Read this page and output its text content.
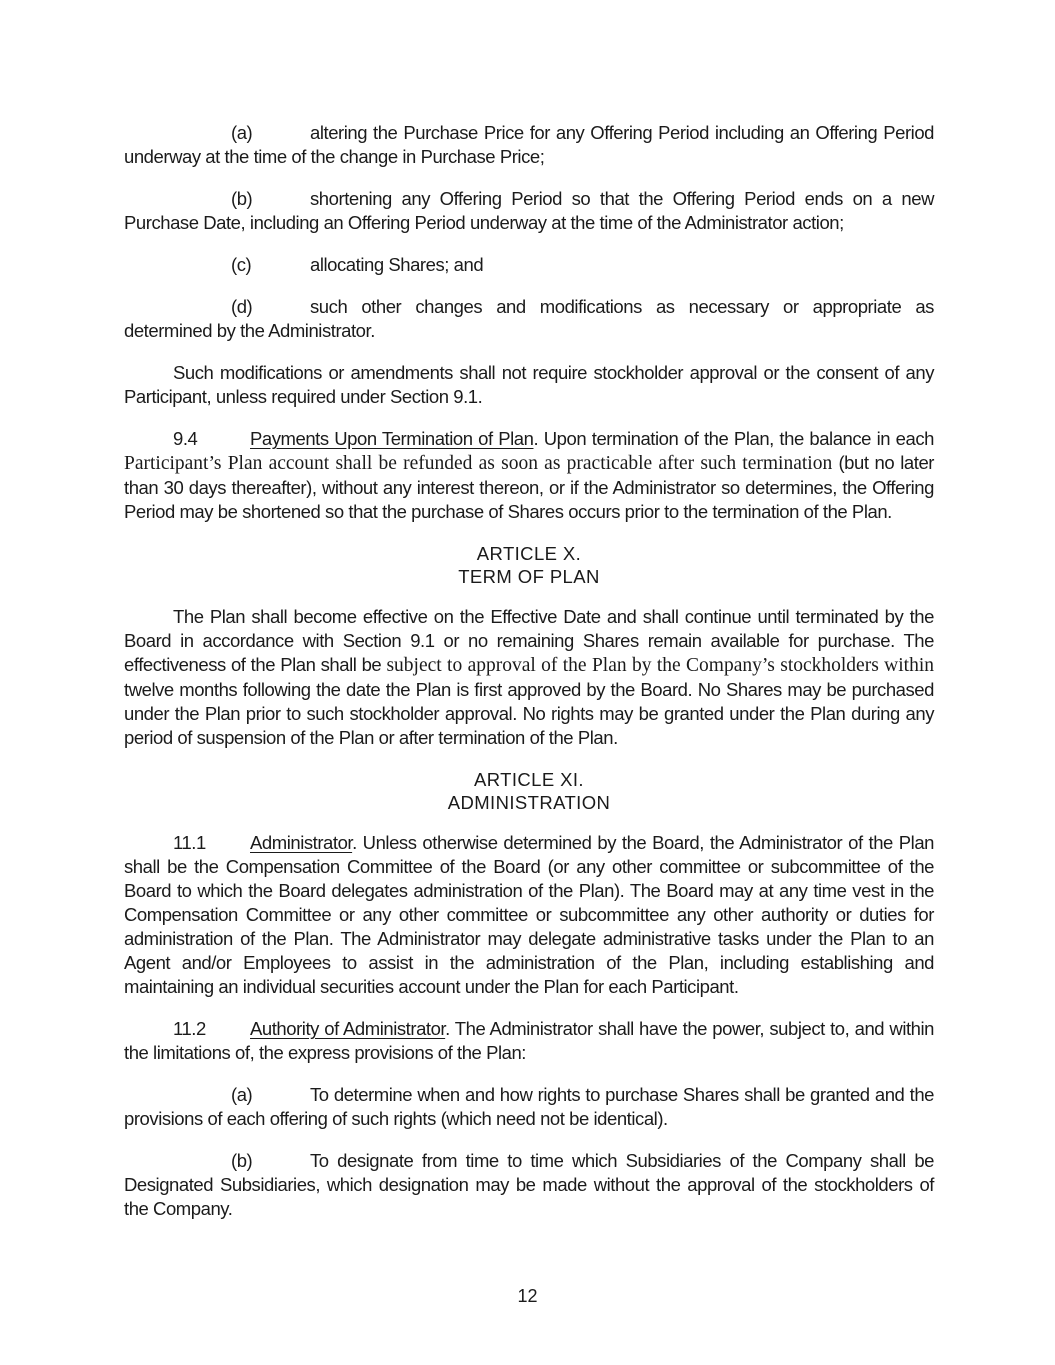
(a)	altering the Purchase Price for any Offering Period including an Offering Period underway at the time of the change in Purchase Price;

(b)	shortening any Offering Period so that the Offering Period ends on a new Purchase Date, including an Offering Period underway at the time of the Administrator action;

(c)	allocating Shares; and

(d)	such other changes and modifications as necessary or appropriate as determined by the Administrator.

Such modifications or amendments shall not require stockholder approval or the consent of any Participant, unless required under Section 9.1.

9.4	Payments Upon Termination of Plan. Upon termination of the Plan, the balance in each Participant’s Plan account shall be refunded as soon as practicable after such termination (but no later than 30 days thereafter), without any interest thereon, or if the Administrator so determines, the Offering Period may be shortened so that the purchase of Shares occurs prior to the termination of the Plan.

ARTICLE X.
TERM OF PLAN

The Plan shall become effective on the Effective Date and shall continue until terminated by the Board in accordance with Section 9.1 or no remaining Shares remain available for purchase. The effectiveness of the Plan shall be subject to approval of the Plan by the Company’s stockholders within twelve months following the date the Plan is first approved by the Board. No Shares may be purchased under the Plan prior to such stockholder approval. No rights may be granted under the Plan during any period of suspension of the Plan or after termination of the Plan.

ARTICLE XI.
ADMINISTRATION

11.1 Administrator. Unless otherwise determined by the Board, the Administrator of the Plan shall be the Compensation Committee of the Board (or any other committee or subcommittee of the Board to which the Board delegates administration of the Plan). The Board may at any time vest in the Compensation Committee or any other committee or subcommittee any other authority or duties for administration of the Plan. The Administrator may delegate administrative tasks under the Plan to an Agent and/or Employees to assist in the administration of the Plan, including establishing and maintaining an individual securities account under the Plan for each Participant.

11.2 Authority of Administrator. The Administrator shall have the power, subject to, and within the limitations of, the express provisions of the Plan:

(a)	To determine when and how rights to purchase Shares shall be granted and the provisions of each offering of such rights (which need not be identical).

(b)	To designate from time to time which Subsidiaries of the Company shall be Designated Subsidiaries, which designation may be made without the approval of the stockholders of the Company.

12
